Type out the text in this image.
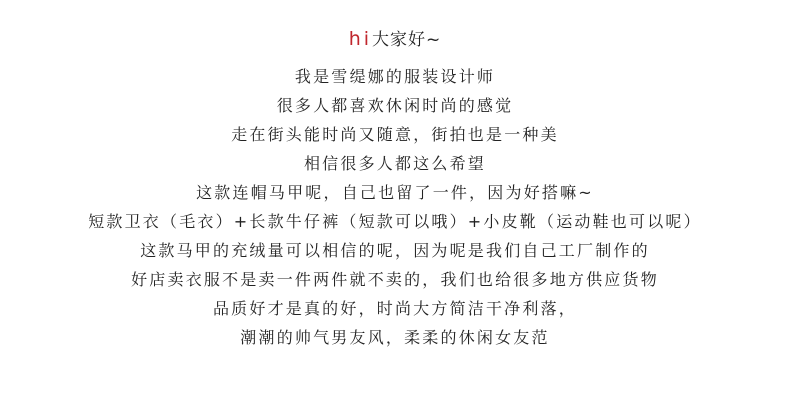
hi大家好~
我是雪缇娜的服装设计师
很多人都喜欢休闲时尚的感觉
走在街头能时尚又随意，街拍也是一种美
相信很多人都这么希望
这款连帽马甲呢，自己也留了一件，因为好搭嘛~
短款卫衣（毛衣）+长款牛仔裤（短款可以哦）+小皮靴（运动鞋也可以呢）
这款马甲的充绒量可以相信的呢，因为呢是我们自己工厂制作的
好店卖衣服不是卖一件两件就不卖的，我们也给很多地方供应货物
品质好才是真的好，时尚大方简洁干净利落，
潮潮的帅气男友风，柔柔的休闲女友范
